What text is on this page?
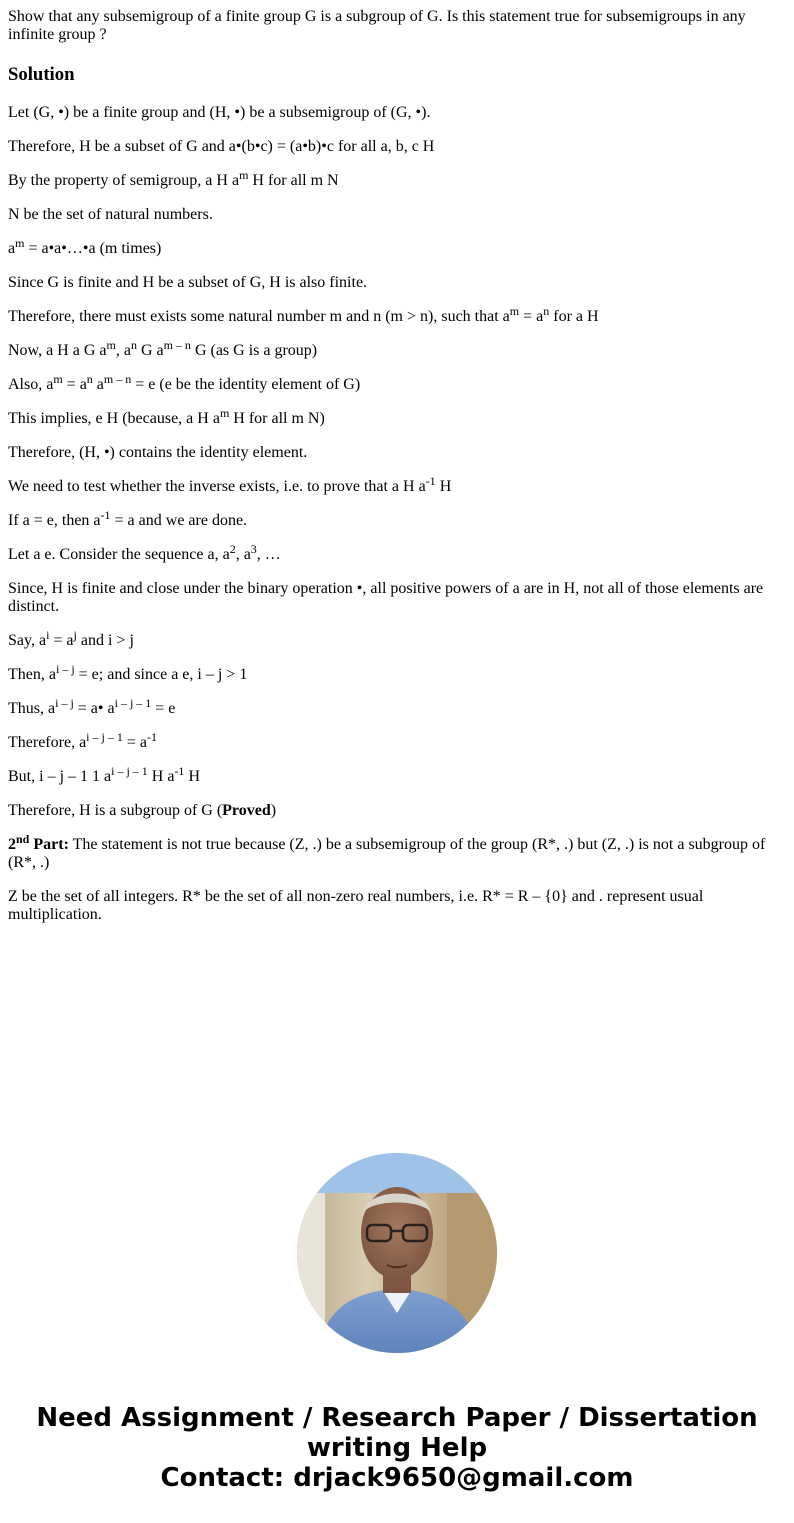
Show that any subsemigroup of a finite group G is a subgroup of G. Is this statement true for subsemigroups in any infinite group ?

Solution

Let (G, •) be a finite group and (H, •) be a subsemigroup of (G, •).

Therefore, H be a subset of G and a•(b•c) = (a•b)•c for all a, b, c H

By the property of semigroup, a H $a^m$ H for all m N

N be the set of natural numbers.

$a^m$ = a•a•…•a (m times)

Since G is finite and H be a subset of G, H is also finite.

Therefore, there must exists some natural number m and n (m > n), such that $a^m = a^n$ for a H

Now, a H a G $a^m$, $a^n$ G $a^{m - n}$ G (as G is a group)

Also, $a^m = a^n$ $a^{m - n} = e$ (e be the identity element of G)

This implies, e H (because, a H $a^m$ H for all m N)

Therefore, (H, •) contains the identity element.

We need to test whether the inverse exists, i.e. to prove that a H $a^{-1}$ H

If a = e, then $a^{-1} = a$ and we are done.

Let a e. Consider the sequence a, $a^2$, $a^3$, …

Since, H is finite and close under the binary operation •, all positive powers of a are in H, not all of those elements are distinct.

Say, $a^i = a^j$ and i > j

Then, $a^{i - j} = e$; and since a e, i – j > 1

Thus, $a^{i - j}$ = a• $a^{i - j - 1} = e$

Therefore, $a^{i - j - 1} = a^{-1}$

But, i – j – 1 1 $a^{i - j - 1}$ H $a^{-1}$ H

Therefore, H is a subgroup of G (Proved)

2nd Part: The statement is not true because (Z, .) be a subsemigroup of the group (R*, .) but (Z, .) is not a subgroup of (R*, .)

Z be the set of all integers. R* be the set of all non-zero real numbers, i.e. R* = R – {0} and . represent usual multiplication.

Need Assignment / Research Paper / Dissertation
writing Help
Contact: drjack9650@gmail.com
